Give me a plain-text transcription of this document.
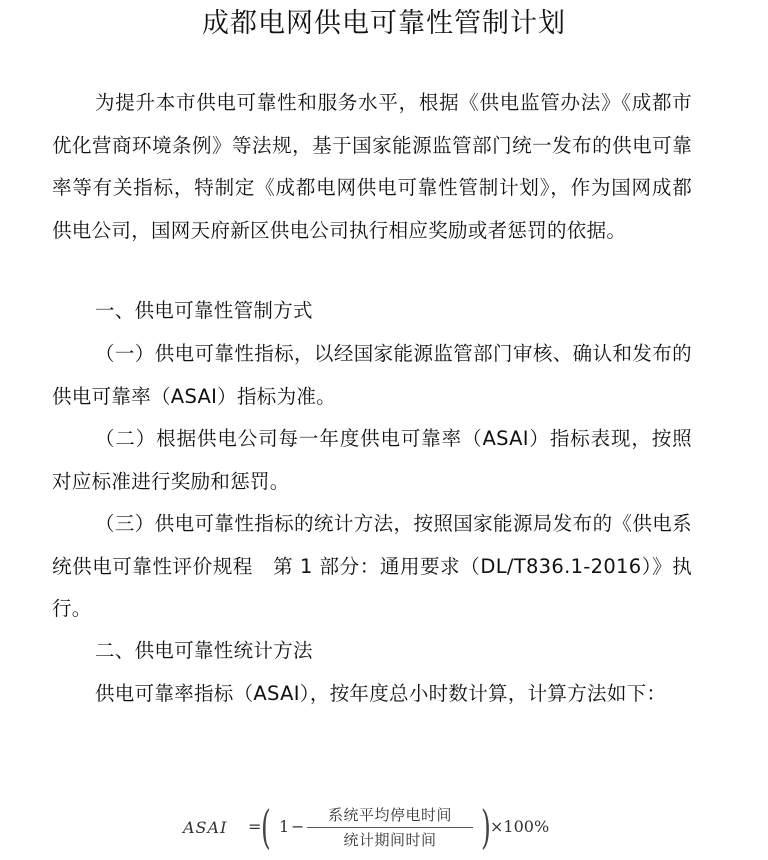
成都电网供电可靠性管制计划
为提升本市供电可靠性和服务水平，根据《供电监管办法》《成都市优化营商环境条例》等法规，基于国家能源监管部门统一发布的供电可靠率等有关指标，特制定《成都电网供电可靠性管制计划》，作为国网成都供电公司，国网天府新区供电公司执行相应奖励或者惩罚的依据。
一、供电可靠性管制方式
（一）供电可靠性指标，以经国家能源监管部门审核、确认和发布的供电可靠率（ASAI）指标为准。
（二）根据供电公司每一年度供电可靠率（ASAI）指标表现，按照对应标准进行奖励和惩罚。
（三）供电可靠性指标的统计方法，按照国家能源局发布的《供电系统供电可靠性评价规程　第 1 部分：通用要求（DL/T836.1-2016）》执行。
二、供电可靠性统计方法
供电可靠率指标（ASAI），按年度总小时数计算，计算方法如下：
ASAI = ( 1 −
系统平均停电时间
统计期间时间 ) ×100%
